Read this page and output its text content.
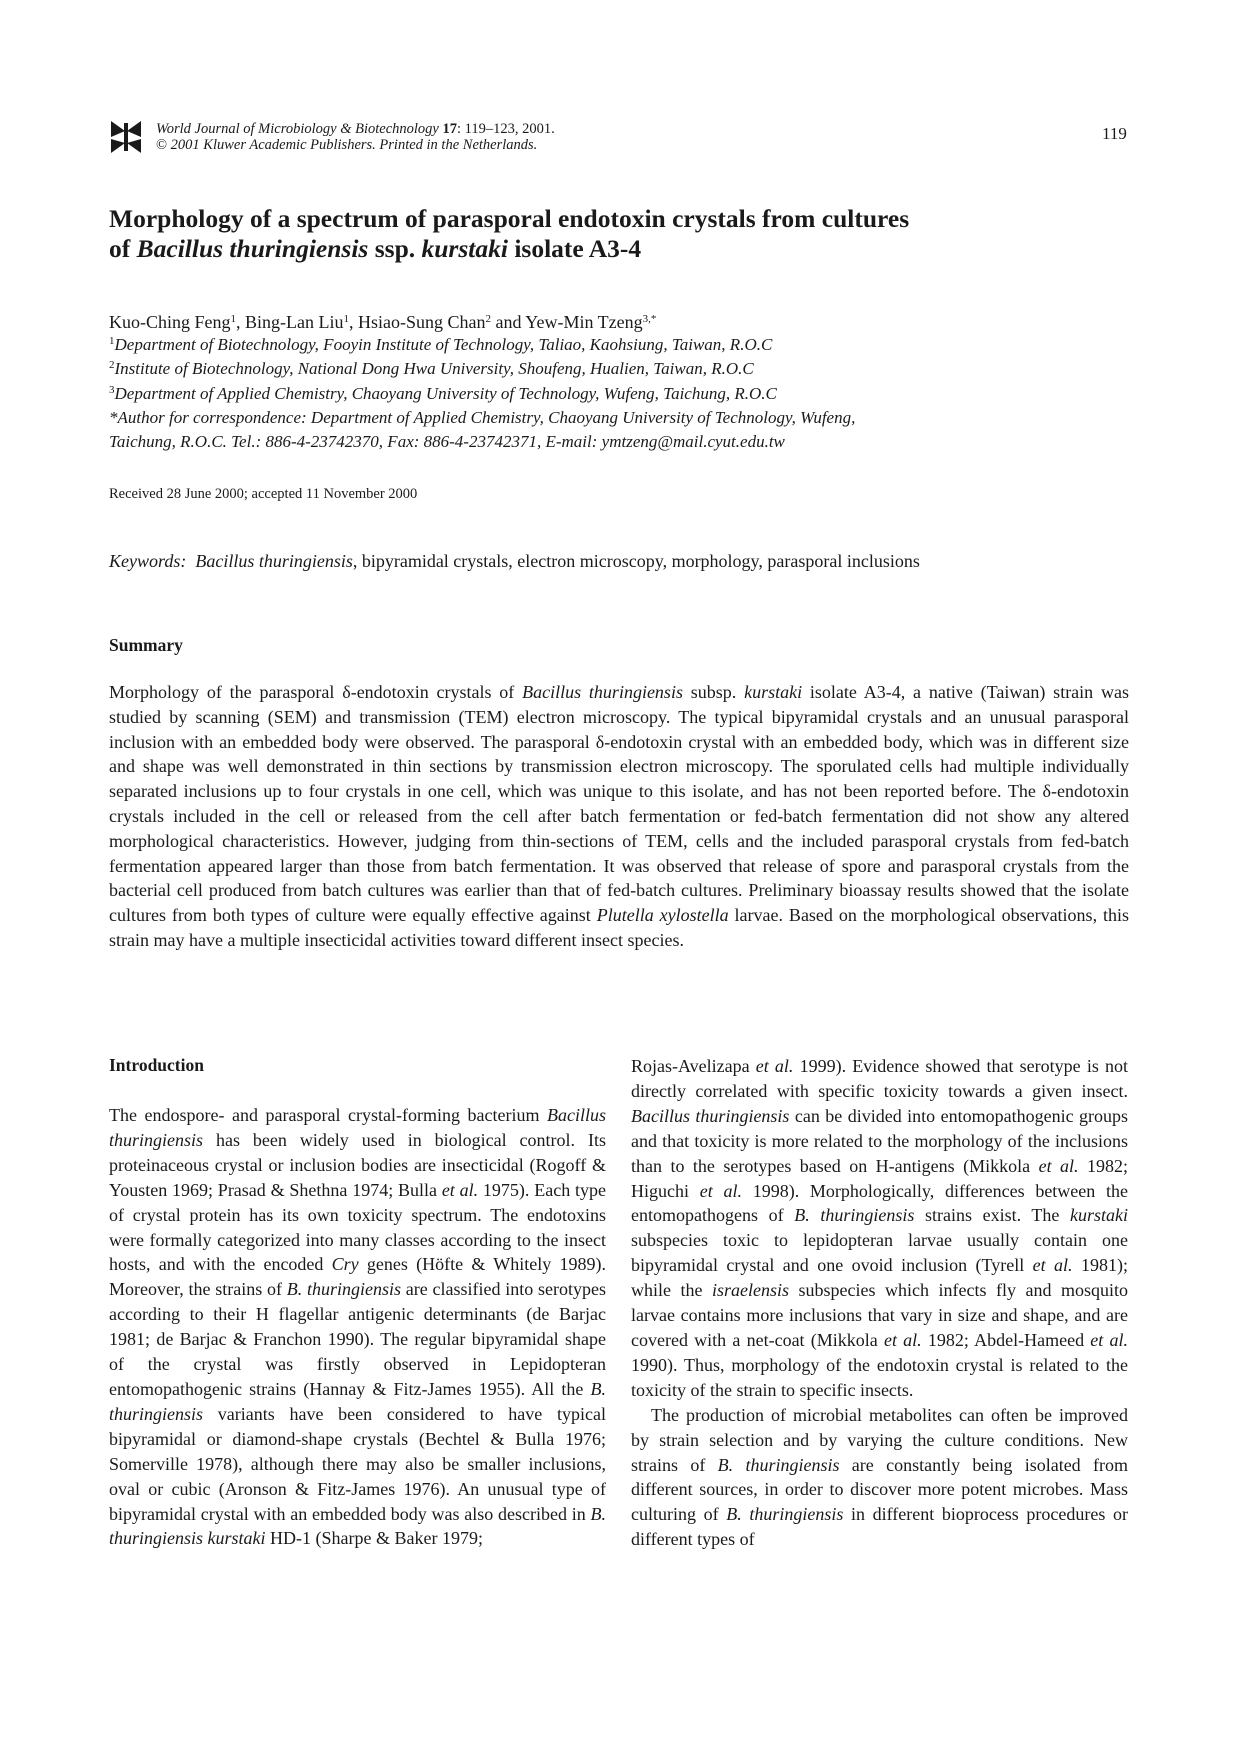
World Journal of Microbiology & Biotechnology 17: 119–123, 2001.
© 2001 Kluwer Academic Publishers. Printed in the Netherlands.
119
Morphology of a spectrum of parasporal endotoxin crystals from cultures
of Bacillus thuringiensis ssp. kurstaki isolate A3-4
Kuo-Ching Feng$^1$, Bing-Lan Liu$^1$, Hsiao-Sung Chan$^2$ and Yew-Min Tzeng$^{3,*}$
$^1$Department of Biotechnology, Fooyin Institute of Technology, Taliao, Kaohsiung, Taiwan, R.O.C
$^2$Institute of Biotechnology, National Dong Hwa University, Shoufeng, Hualien, Taiwan, R.O.C
$^3$Department of Applied Chemistry, Chaoyang University of Technology, Wufeng, Taichung, R.O.C
*Author for correspondence: Department of Applied Chemistry, Chaoyang University of Technology, Wufeng,
Taichung, R.O.C. Tel.: 886-4-23742370, Fax: 886-4-23742371, E-mail: ymtzeng@mail.cyut.edu.tw
Received 28 June 2000; accepted 11 November 2000
Keywords: Bacillus thuringiensis, bipyramidal crystals, electron microscopy, morphology, parasporal inclusions
Summary
Morphology of the parasporal δ-endotoxin crystals of Bacillus thuringiensis subsp. kurstaki isolate A3-4, a native (Taiwan) strain was studied by scanning (SEM) and transmission (TEM) electron microscopy. The typical bipyramidal crystals and an unusual parasporal inclusion with an embedded body were observed. The parasporal δ-endotoxin crystal with an embedded body, which was in different size and shape was well demonstrated in thin sections by transmission electron microscopy. The sporulated cells had multiple individually separated inclusions up to four crystals in one cell, which was unique to this isolate, and has not been reported before. The δ-endotoxin crystals included in the cell or released from the cell after batch fermentation or fed-batch fermentation did not show any altered morphological characteristics. However, judging from thin-sections of TEM, cells and the included parasporal crystals from fed-batch fermentation appeared larger than those from batch fermentation. It was observed that release of spore and parasporal crystals from the bacterial cell produced from batch cultures was earlier than that of fed-batch cultures. Preliminary bioassay results showed that the isolate cultures from both types of culture were equally effective against Plutella xylostella larvae. Based on the morphological observations, this strain may have a multiple insecticidal activities toward different insect species.
Introduction

The endospore- and parasporal crystal-forming bacterium Bacillus thuringiensis has been widely used in biological control. Its proteinaceous crystal or inclusion bodies are insecticidal (Rogoff & Yousten 1969; Prasad & Shethna 1974; Bulla et al. 1975). Each type of crystal protein has its own toxicity spectrum. The endotoxins were formally categorized into many classes according to the insect hosts, and with the encoded Cry genes (Höfte & Whitely 1989). Moreover, the strains of B. thuringiensis are classified into serotypes according to their H flagellar antigenic determinants (de Barjac 1981; de Barjac & Franchon 1990). The regular bipyramidal shape of the crystal was firstly observed in Lepidopteran entomopathogenic strains (Hannay & Fitz-James 1955). All the B. thuringiensis variants have been considered to have typical bipyramidal or diamond-shape crystals (Bechtel & Bulla 1976; Somerville 1978), although there may also be smaller inclusions, oval or cubic (Aronson & Fitz-James 1976). An unusual type of bipyramidal crystal with an embedded body was also described in B. thuringiensis kurstaki HD-1 (Sharpe & Baker 1979;

Rojas-Avelizapa et al. 1999). Evidence showed that serotype is not directly correlated with specific toxicity towards a given insect. Bacillus thuringiensis can be divided into entomopathogenic groups and that toxicity is more related to the morphology of the inclusions than to the serotypes based on H-antigens (Mikkola et al. 1982; Higuchi et al. 1998). Morphologically, differences between the entomopathogens of B. thuringiensis strains exist. The kurstaki subspecies toxic to lepidopteran larvae usually contain one bipyramidal crystal and one ovoid inclusion (Tyrell et al. 1981); while the israelensis subspecies which infects fly and mosquito larvae contains more inclusions that vary in size and shape, and are covered with a net-coat (Mikkola et al. 1982; Abdel-Hameed et al. 1990). Thus, morphology of the endotoxin crystal is related to the toxicity of the strain to specific insects.

The production of microbial metabolites can often be improved by strain selection and by varying the culture conditions. New strains of B. thuringiensis are constantly being isolated from different sources, in order to discover more potent microbes. Mass culturing of B. thuringiensis in different bioprocess procedures or different types of
